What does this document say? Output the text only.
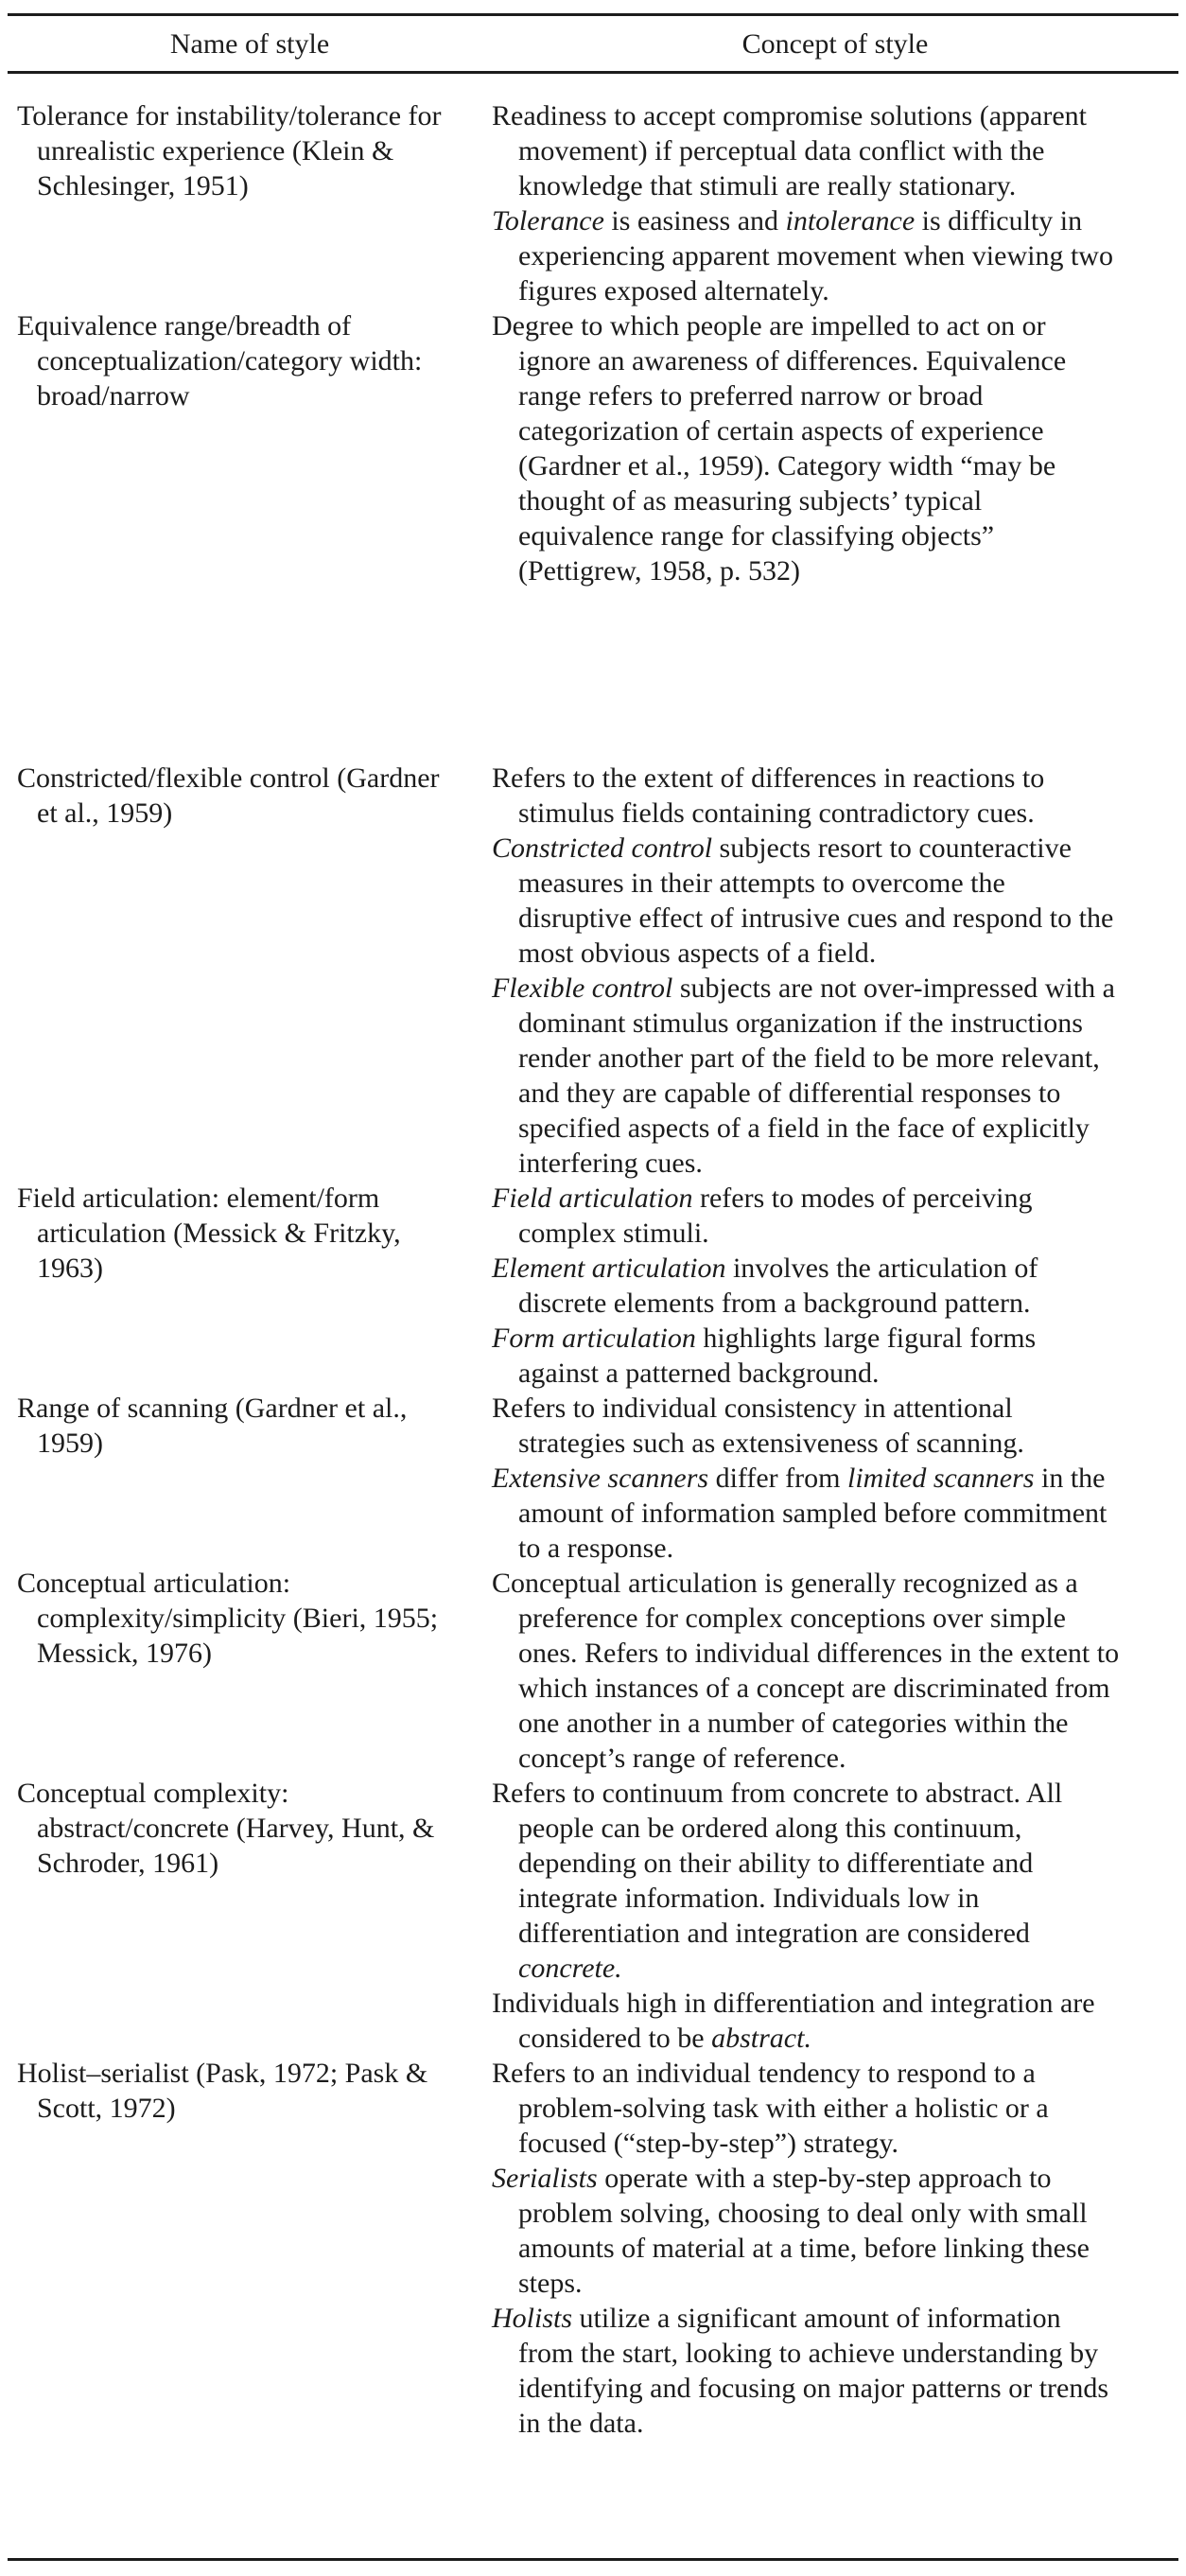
Name of style	Concept of style

Tolerance for instability/tolerance for unrealistic experience (Klein & Schlesinger, 1951)

Readiness to accept compromise solutions (apparent movement) if perceptual data conflict with the knowledge that stimuli are really stationary.

Tolerance is easiness and intolerance is difficulty in experiencing apparent movement when viewing two figures exposed alternately.

Equivalence range/breadth of conceptualization/category width: broad/narrow

Degree to which people are impelled to act on or ignore an awareness of differences. Equivalence range refers to preferred narrow or broad categorization of certain aspects of experience (Gardner et al., 1959). Category width “may be thought of as measuring subjects’ typical equivalence range for classifying objects” (Pettigrew, 1958, p. 532)

Constricted/flexible control (Gardner et al., 1959)

Refers to the extent of differences in reactions to stimulus fields containing contradictory cues.

Constricted control subjects resort to counteractive measures in their attempts to overcome the disruptive effect of intrusive cues and respond to the most obvious aspects of a field.

Flexible control subjects are not over-impressed with a dominant stimulus organization if the instructions render another part of the field to be more relevant, and they are capable of differential responses to specified aspects of a field in the face of explicitly interfering cues.

Field articulation: element/form articulation (Messick & Fritzky, 1963)

Field articulation refers to modes of perceiving complex stimuli.

Element articulation involves the articulation of discrete elements from a background pattern.

Form articulation highlights large figural forms against a patterned background.

Range of scanning (Gardner et al., 1959)

Refers to individual consistency in attentional strategies such as extensiveness of scanning.

Extensive scanners differ from limited scanners in the amount of information sampled before commitment to a response.

Conceptual articulation: complexity/simplicity (Bieri, 1955; Messick, 1976)

Conceptual articulation is generally recognized as a preference for complex conceptions over simple ones. Refers to individual differences in the extent to which instances of a concept are discriminated from one another in a number of categories within the concept’s range of reference.

Conceptual complexity: abstract/concrete (Harvey, Hunt, & Schroder, 1961)

Refers to continuum from concrete to abstract. All people can be ordered along this continuum, depending on their ability to differentiate and integrate information. Individuals low in differentiation and integration are considered concrete.

Individuals high in differentiation and integration are considered to be abstract.

Holist–serialist (Pask, 1972; Pask & Scott, 1972)

Refers to an individual tendency to respond to a problem-solving task with either a holistic or a focused (“step-by-step”) strategy.

Serialists operate with a step-by-step approach to problem solving, choosing to deal only with small amounts of material at a time, before linking these steps.

Holists utilize a significant amount of information from the start, looking to achieve understanding by identifying and focusing on major patterns or trends in the data.
